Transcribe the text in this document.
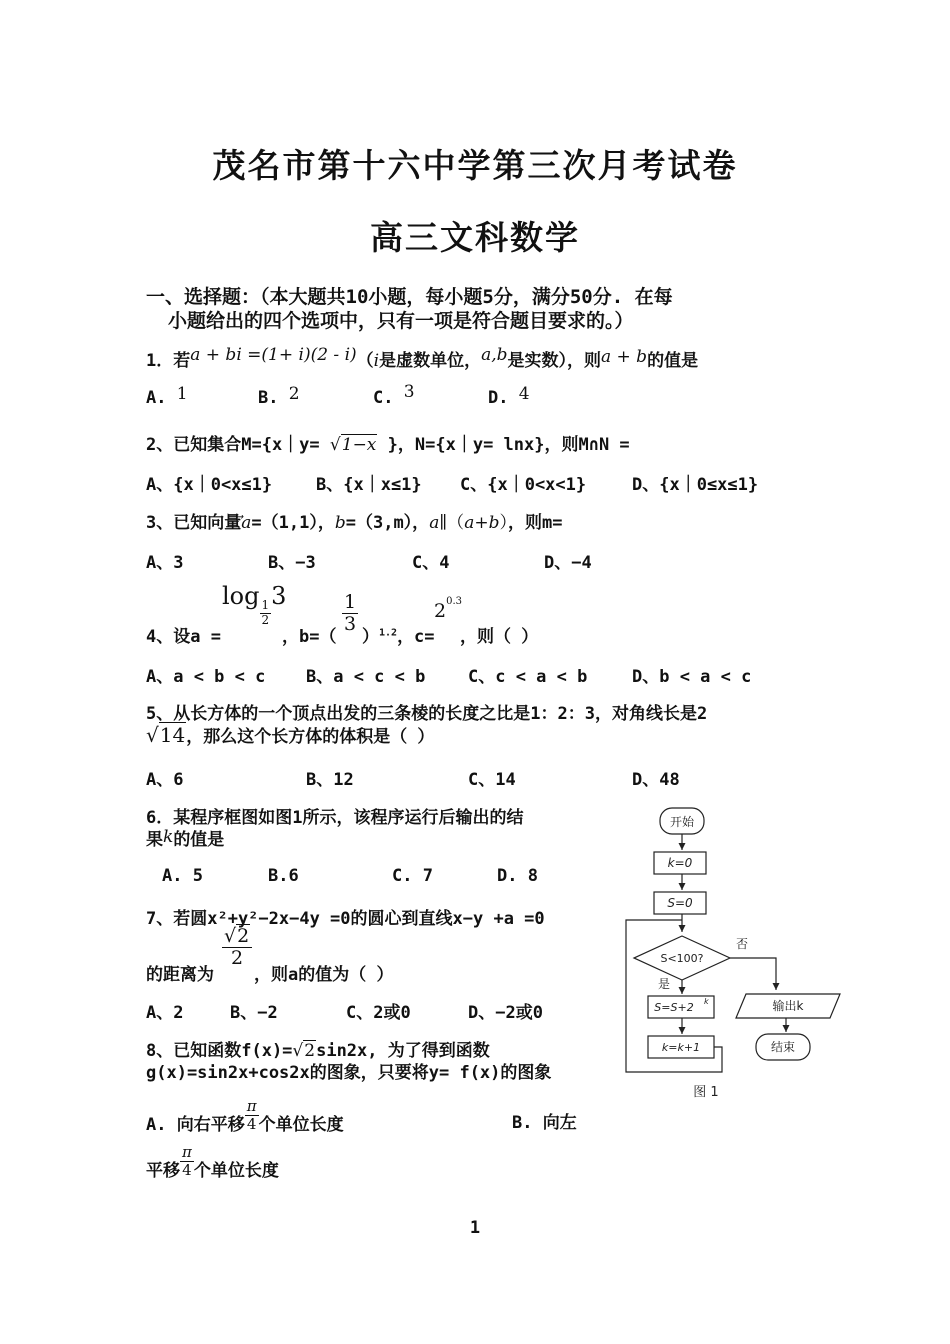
茂名市第十六中学第三次月考试卷
高三文科数学
一、选择题：（本大题共10小题，每小题5分，满分50分. 在每
小题给出的四个选项中，只有一项是符合题目要求的。）
1．若a + bi =(1+ i)(2 - i)（i是虚数单位，a,b是实数），则a + b的值是
A. 1	B. 2	C. 3	D. 4
2、已知集合M={x｜y= √1−x }，N={x｜y= lnx}，则M∩N =
A、{x｜0<x≤1}	B、{x｜x≤1} C、{x｜0<x<1}	D、{x｜0≤x≤1}
3、已知向量a=（1,1），b=（3,m），a∥（a+b），则m=
A、3	B、−3	C、4	D、−4
log
$\frac{1}{2}$
3
4、设a =	，b=（
$\frac{1}{3}$
）$^{1.2}$，c=
$2^{0.3}$
，则（ ）
A、a < b < c B、a < c < b	C、c < a < b	D、b < a < c
5、从长方体的一个顶点出发的三条棱的长度之比是1：2：3，对角线长是2
√14，那么这个长方体的体积是（ ）
A、6	B、12	C、14	D、48
6．某程序框图如图1所示，该程序运行后输出的结
果k的值是
A. 5	B.6	C. 7	D. 8
7、若圆x²+y²−2x−4y =0的圆心到直线x−y +a =0
$\frac{√2}{2}$
的距离为 ，则a的值为（ ）
A、2	B、−2	C、2或0	D、−2或0
8、已知函数f(x)=√2sin2x, 为了得到函数
g(x)=sin2x+cos2x的图象，只要将y= f(x)的图象
A. 向右平移 $\frac{\pi}{4}$ 个单位长度	B. 向左
平移 $\frac{\pi}{4}$ 个单位长度
开始
k=0
S=0
S<100?
否
是
S=S+2 k
k=k+1
输出k
结束
图 1
1
